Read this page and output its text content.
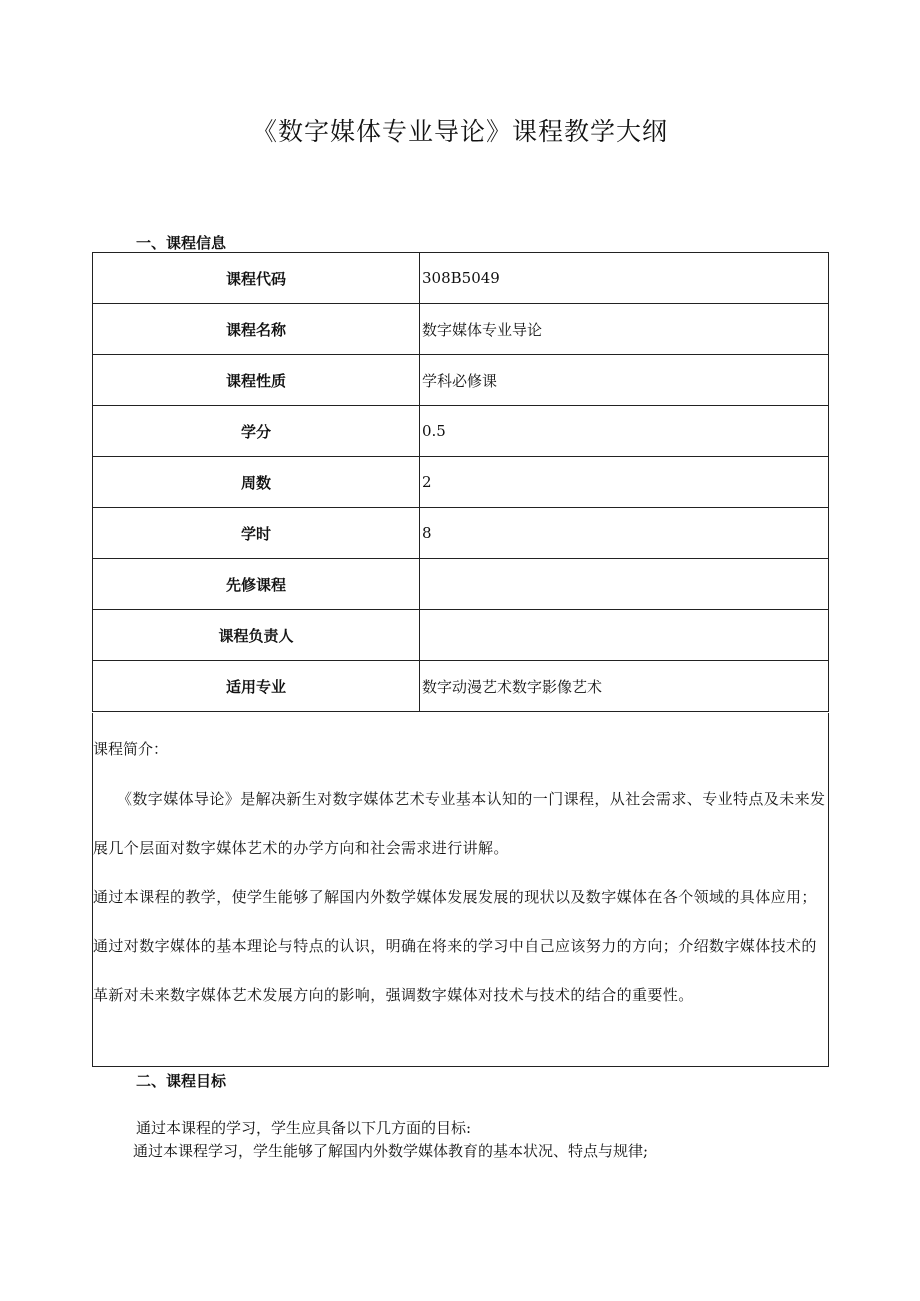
《数字媒体专业导论》课程教学大纲
一、课程信息
课程代码	308B5049
课程名称	数字媒体专业导论
课程性质	学科必修课
学分	0.5
周数	2
学时	8
先修课程	
课程负责人	
适用专业	数字动漫艺术数字影像艺术
课程简介：

《数字媒体导论》是解决新生对数字媒体艺术专业基本认知的一门课程，从社会需求、专业特点及未来发展几个层面对数字媒体艺术的办学方向和社会需求进行讲解。

通过本课程的教学，使学生能够了解国内外数学媒体发展发展的现状以及数字媒体在各个领域的具体应用；通过对数字媒体的基本理论与特点的认识，明确在将来的学习中自己应该努力的方向；介绍数字媒体技术的革新对未来数字媒体艺术发展方向的影响，强调数字媒体对技术与技术的结合的重要性。

二、课程目标

通过本课程的学习，学生应具备以下几方面的目标:

通过本课程学习，学生能够了解国内外数学媒体教育的基本状况、特点与规律;
